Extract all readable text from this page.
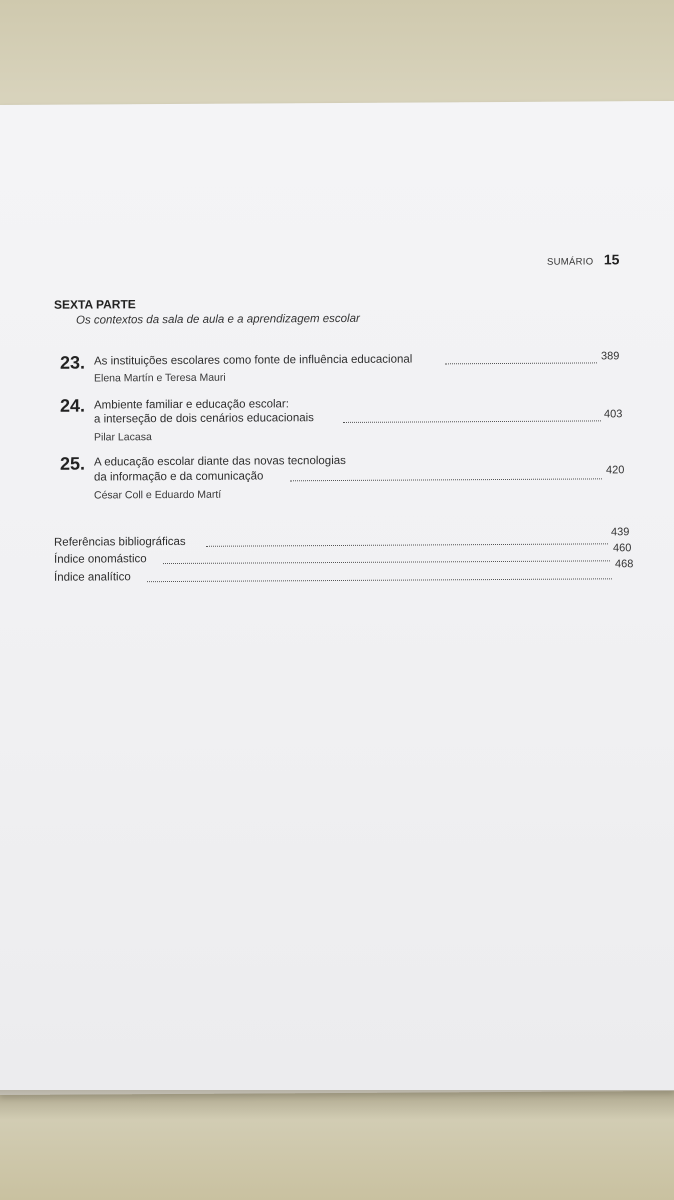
SUMÁRIO 15
SEXTA PARTE
Os contextos da sala de aula e a aprendizagem escolar
23. As instituições escolares como fonte de influência educacional	389
Elena Martín e Teresa Mauri
24. Ambiente familiar e educação escolar:
a interseção de dois cenários educacionais	403
Pilar Lacasa
25. A educação escolar diante das novas tecnologias
da informação e da comunicação
420
César Coll e Eduardo Martí
Referências bibliográficas
439
Índice onomástico
460
Índice analítico
468
